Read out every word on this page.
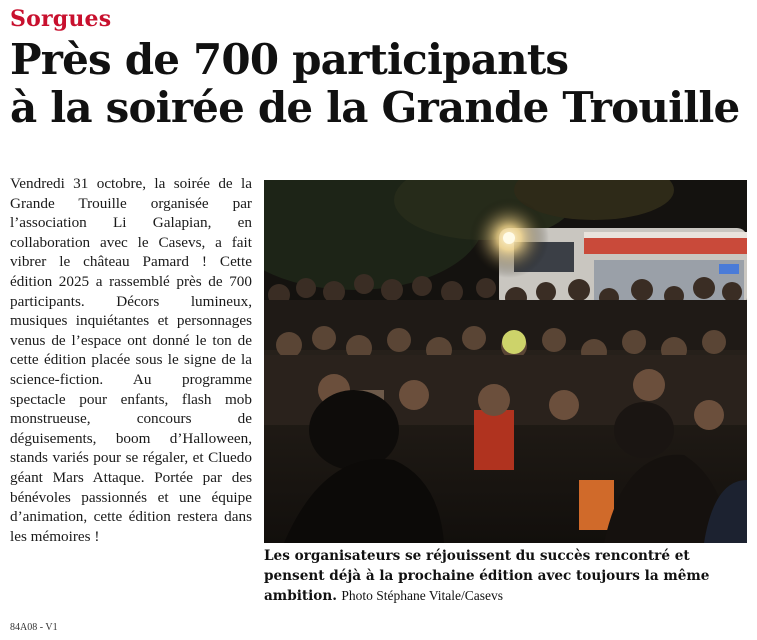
Sorgues
Près de 700 participants
à la soirée de la Grande Trouille
Vendredi 31 octobre, la soirée de la Grande Trouille organisée par l’association Li Galapian, en collaboration avec le Casevs, a fait vibrer le château Pamard ! Cette édition 2025 a rassemblé près de 700 participants. Décors lumineux, musiques inquiétantes et personnages venus de l’espace ont donné le ton de cette édition placée sous le signe de la science-fiction. Au programme spectacle pour enfants, flash mob monstrueuse, concours de déguisements, boom d’Halloween, stands variés pour se régaler, et Cluedo géant Mars Attaque. Portée par des bénévoles passionnés et une équipe d’animation, cette édition restera dans les mémoires !
Les organisateurs se réjouissent du succès rencontré et pensent déjà à la prochaine édition avec toujours la même ambition. Photo Stéphane Vitale/Casevs
84A08 - V1
